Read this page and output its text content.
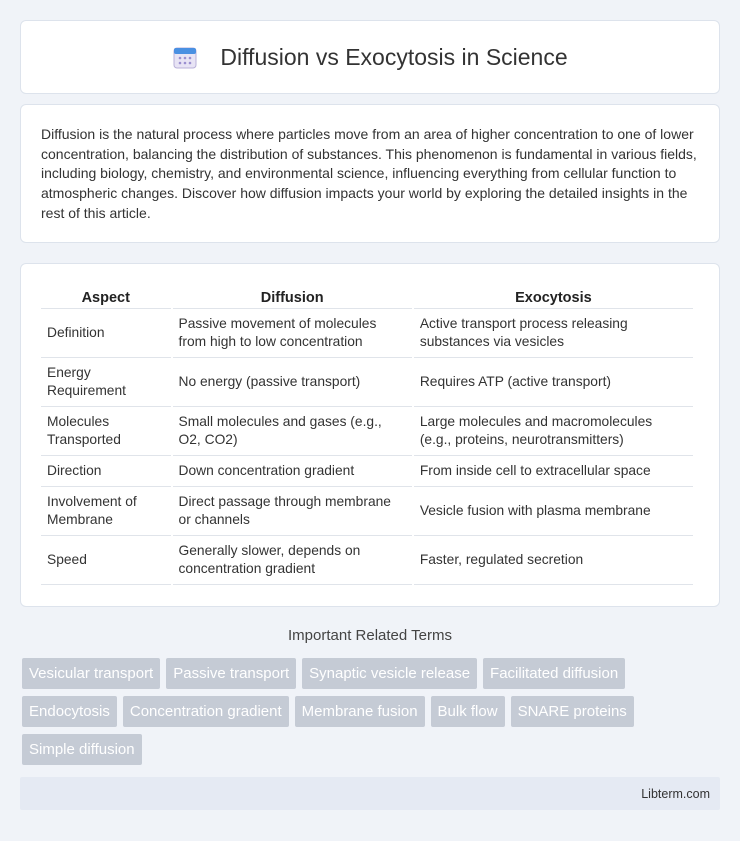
Diffusion vs Exocytosis in Science

Diffusion is the natural process where particles move from an area of higher concentration to one of lower concentration, balancing the distribution of substances. This phenomenon is fundamental in various fields, including biology, chemistry, and environmental science, influencing everything from cellular function to atmospheric changes. Discover how diffusion impacts your world by exploring the detailed insights in the rest of this article.

Aspect	Diffusion	Exocytosis
Definition	Passive movement of molecules from high to low concentration	Active transport process releasing substances via vesicles
Energy Requirement	No energy (passive transport)	Requires ATP (active transport)
Molecules Transported	Small molecules and gases (e.g., O2, CO2)	Large molecules and macromolecules (e.g., proteins, neurotransmitters)
Direction	Down concentration gradient	From inside cell to extracellular space
Involvement of Membrane	Direct passage through membrane or channels	Vesicle fusion with plasma membrane
Speed	Generally slower, depends on concentration gradient	Faster, regulated secretion
Important Related Terms
Vesicular transport	Passive transport	Synaptic vesicle release	Facilitated diffusion
Endocytosis	Concentration gradient	Membrane fusion	Bulk flow	SNARE proteins
Simple diffusion
Libterm.com
